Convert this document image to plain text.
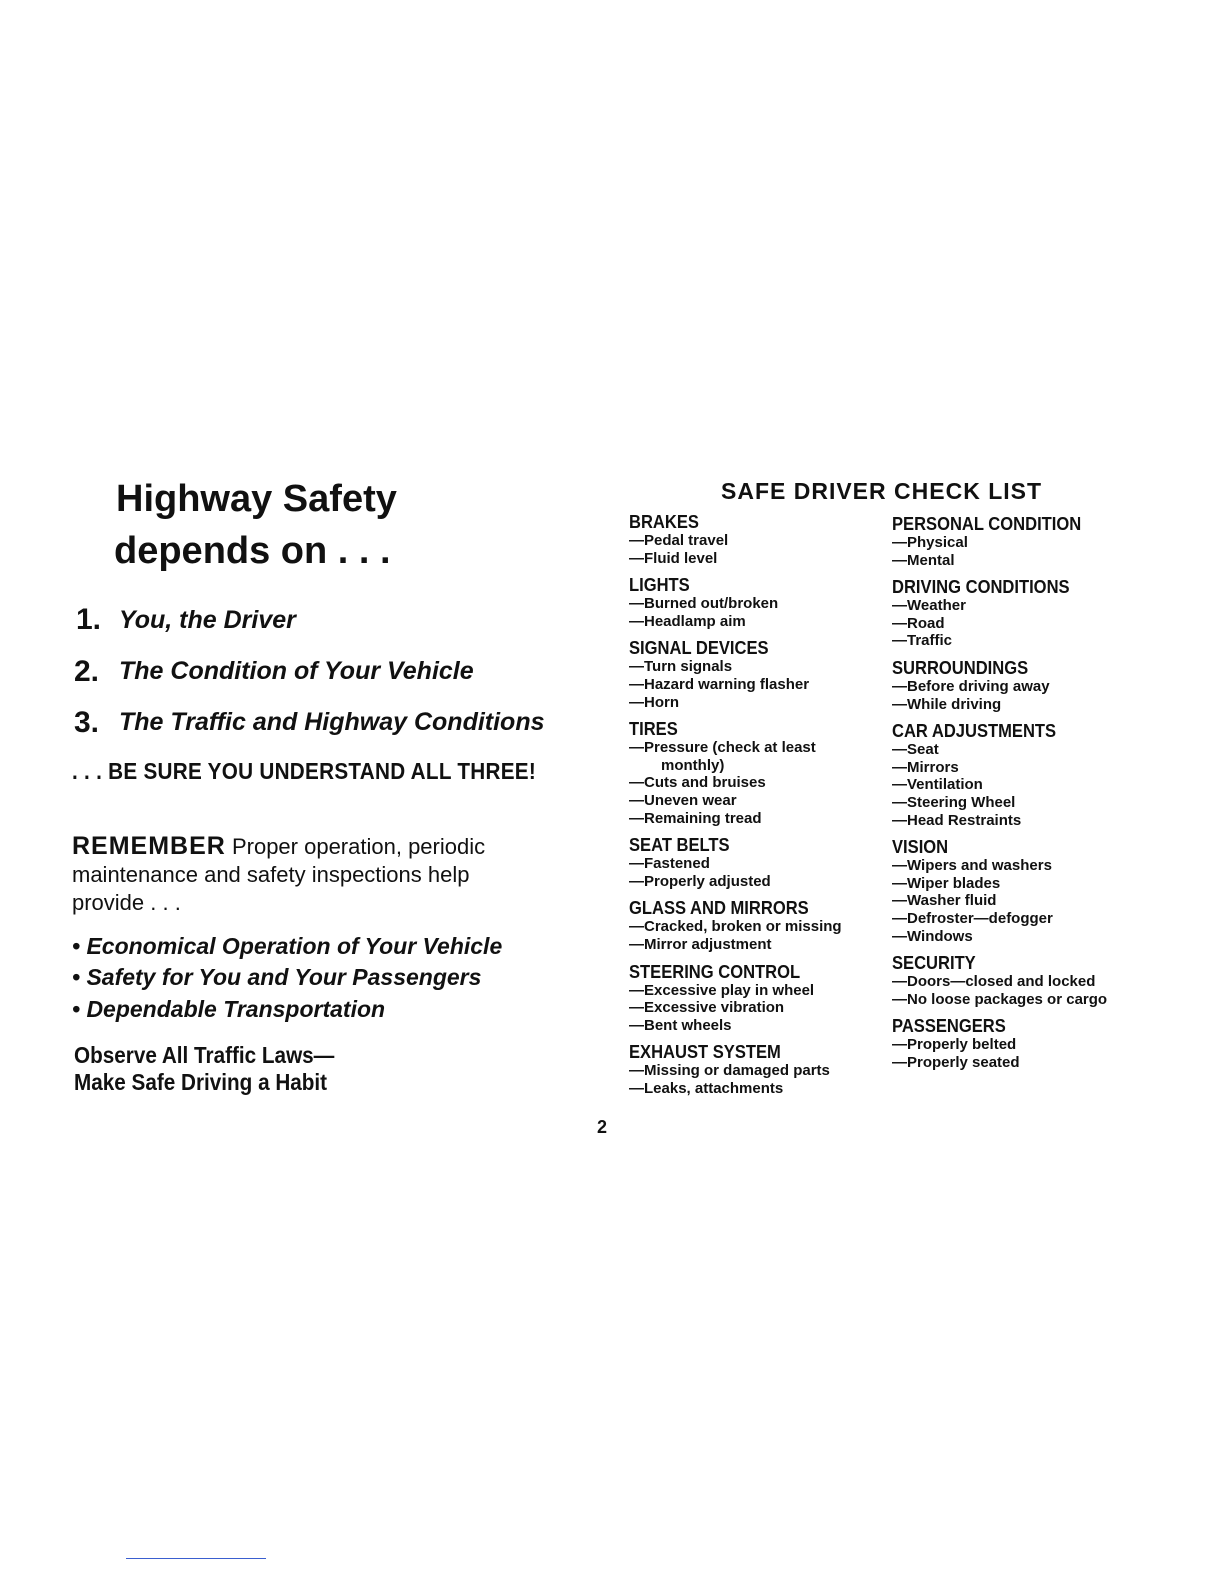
Highway Safety
depends on . . .
1. You, the Driver
2. The Condition of Your Vehicle
3. The Traffic and Highway Conditions
. . . BE SURE YOU UNDERSTAND ALL THREE!
REMEMBER Proper operation, periodic maintenance and safety inspections help provide . . .
• Economical Operation of Your Vehicle
• Safety for You and Your Passengers
• Dependable Transportation
Observe All Traffic Laws—
Make Safe Driving a Habit
SAFE DRIVER CHECK LIST
BRAKES
—Pedal travel
—Fluid level
LIGHTS
—Burned out/broken
—Headlamp aim
SIGNAL DEVICES
—Turn signals
—Hazard warning flasher
—Horn
TIRES
—Pressure (check at least
monthly)
—Cuts and bruises
—Uneven wear
—Remaining tread
SEAT BELTS
—Fastened
—Properly adjusted
GLASS AND MIRRORS
—Cracked, broken or missing
—Mirror adjustment
STEERING CONTROL
—Excessive play in wheel
—Excessive vibration
—Bent wheels
EXHAUST SYSTEM
—Missing or damaged parts
—Leaks, attachments
PERSONAL CONDITION
—Physical
—Mental
DRIVING CONDITIONS
—Weather
—Road
—Traffic
SURROUNDINGS
—Before driving away
—While driving
CAR ADJUSTMENTS
—Seat
—Mirrors
—Ventilation
—Steering Wheel
—Head Restraints
VISION
—Wipers and washers
—Wiper blades
—Washer fluid
—Defroster—defogger
—Windows
SECURITY
—Doors—closed and locked
—No loose packages or cargo
PASSENGERS
—Properly belted
—Properly seated
2
